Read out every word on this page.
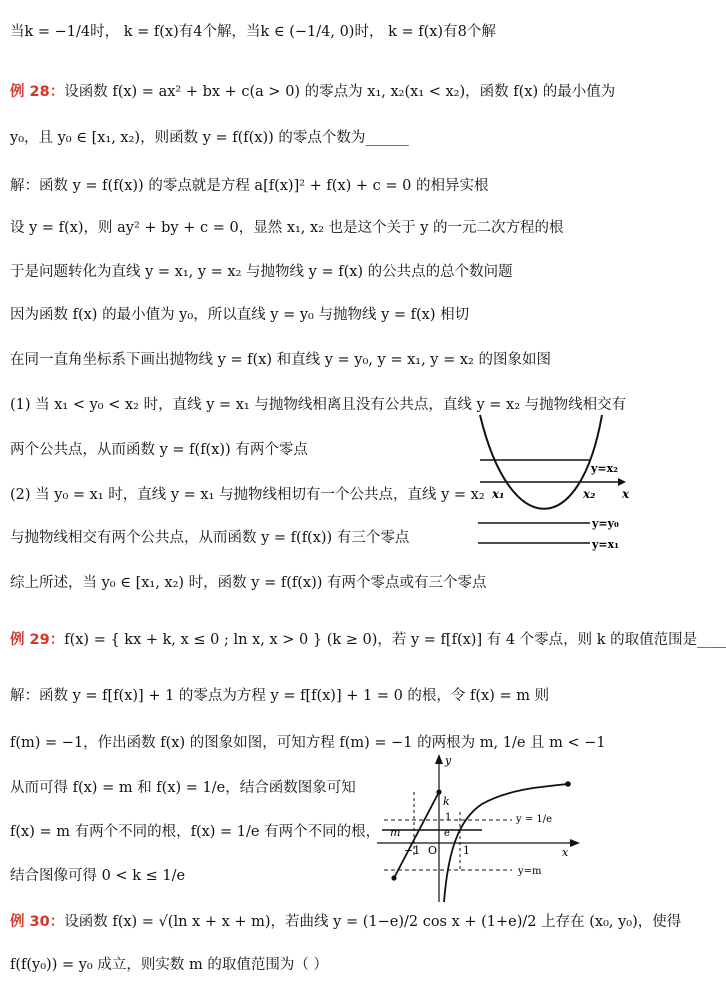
当k = −1/4时， k = f(x)有4个解，当k ∈ (−1/4, 0)时， k = f(x)有8个解
例 28：设函数 f(x) = ax² + bx + c(a > 0) 的零点为 x₁, x₂(x₁ < x₂)，函数 f(x) 的最小值为
y₀，且 y₀ ∈ [x₁, x₂)，则函数 y = f(f(x)) 的零点个数为______
解：函数 y = f(f(x)) 的零点就是方程 a[f(x)]² + f(x) + c = 0 的相异实根
设 y = f(x)，则 ay² + by + c = 0，显然 x₁, x₂ 也是这个关于 y 的一元二次方程的根
于是问题转化为直线 y = x₁, y = x₂ 与抛物线 y = f(x) 的公共点的总个数问题
因为函数 f(x) 的最小值为 y₀，所以直线 y = y₀ 与抛物线 y = f(x) 相切
在同一直角坐标系下画出抛物线 y = f(x) 和直线 y = y₀, y = x₁, y = x₂ 的图象如图
(1) 当 x₁ < y₀ < x₂ 时，直线 y = x₁ 与抛物线相离且没有公共点，直线 y = x₂ 与抛物线相交有
两个公共点，从而函数 y = f(f(x)) 有两个零点
(2) 当 y₀ = x₁ 时，直线 y = x₁ 与抛物线相切有一个公共点，直线 y = x₂
与抛物线相交有两个公共点，从而函数 y = f(f(x)) 有三个零点
综上所述，当 y₀ ∈ [x₁, x₂) 时，函数 y = f(f(x)) 有两个零点或有三个零点
例 29：f(x) = { kx + k, x ≤ 0 ; ln x, x > 0 } (k ≥ 0)，若 y = f[f(x)] 有 4 个零点，则 k 的取值范围是____
解：函数 y = f[f(x)] + 1 的零点为方程 y = f[f(x)] + 1 = 0 的根，令 f(x) = m 则
f(m) = −1，作出函数 f(x) 的图象如图，可知方程 f(m) = −1 的两根为 m, 1/e 且 m < −1
从而可得 f(x) = m 和 f(x) = 1/e，结合函数图象可知
f(x) = m 有两个不同的根，f(x) = 1/e 有两个不同的根，
结合图像可得 0 < k ≤ 1/e
例 30：设函数 f(x) = √(ln x + x + m)，若曲线 y = (1−e)/2 cos x + (1+e)/2 上存在 (x₀, y₀)，使得
f(f(y₀)) = y₀ 成立，则实数 m 的取值范围为（ ）
y=x₂
x₁	x₂ x
y=y₀
y=x₁
y
x
y = 1/e
y=m
k
1
e
m
−1 O 1
